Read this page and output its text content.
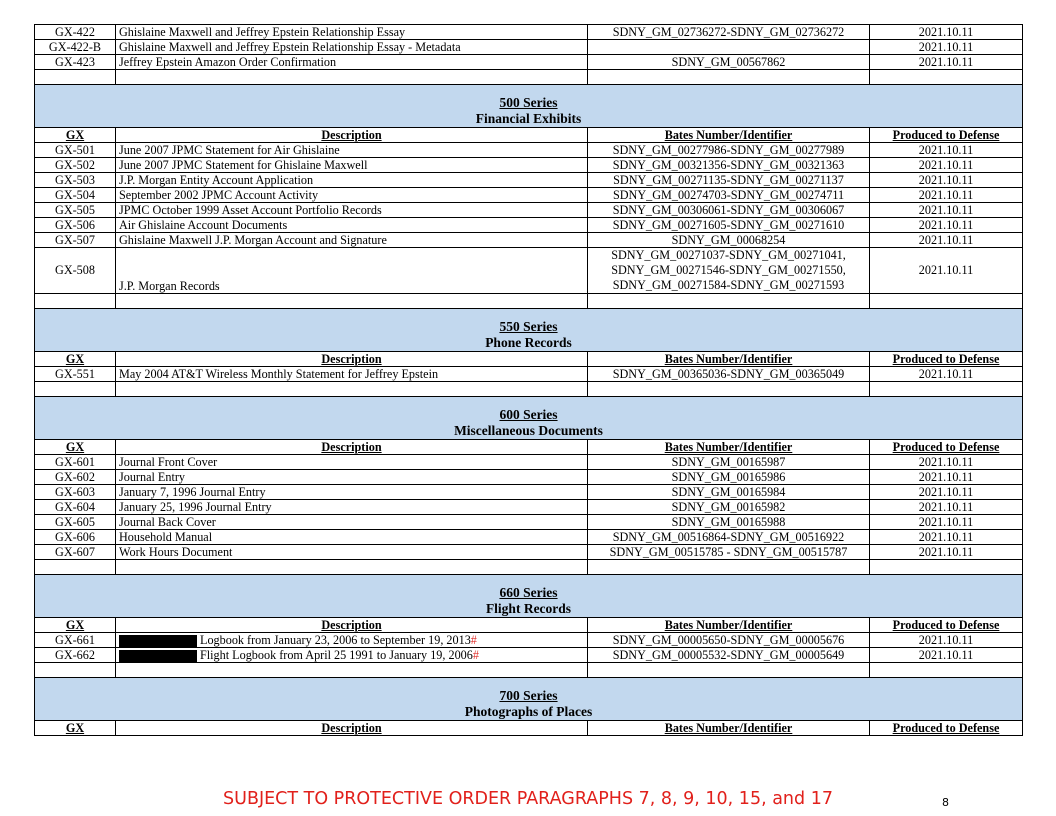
GX-422	Ghislaine Maxwell and Jeffrey Epstein Relationship Essay	SDNY_GM_02736272-SDNY_GM_02736272	2021.10.11
GX-422-B	Ghislaine Maxwell and Jeffrey Epstein Relationship Essay - Metadata		2021.10.11
GX-423	Jeffrey Epstein Amazon Order Confirmation	SDNY_GM_00567862	2021.10.11

500 Series
Financial Exhibits			

GX	Description	Bates Number/Identifier	Produced to Defense
GX-501	June 2007 JPMC Statement for Air Ghislaine	SDNY_GM_00277986-SDNY_GM_00277989	2021.10.11
GX-502	June 2007 JPMC Statement for Ghislaine Maxwell	SDNY_GM_00321356-SDNY_GM_00321363	2021.10.11
GX-503	J.P. Morgan Entity Account Application	SDNY_GM_00271135-SDNY_GM_00271137	2021.10.11
GX-504	September 2002 JPMC Account Activity	SDNY_GM_00274703-SDNY_GM_00274711	2021.10.11
GX-505	JPMC October 1999 Asset Account Portfolio Records	SDNY_GM_00306061-SDNY_GM_00306067	2021.10.11
GX-506	Air Ghislaine Account Documents	SDNY_GM_00271605-SDNY_GM_00271610	2021.10.11
GX-507	Ghislaine Maxwell J.P. Morgan Account and Signature	SDNY_GM_00068254	2021.10.11
GX-508	J.P. Morgan Records	SDNY_GM_00271037-SDNY_GM_00271041,
SDNY_GM_00271546-SDNY_GM_00271550,
SDNY_GM_00271584-SDNY_GM_00271593	2021.10.11

550 Series
Phone Records			

GX	Description	Bates Number/Identifier	Produced to Defense
GX-551	May 2004 AT&T Wireless Monthly Statement for Jeffrey Epstein	SDNY_GM_00365036-SDNY_GM_00365049	2021.10.11

600 Series
Miscellaneous Documents			

GX	Description	Bates Number/Identifier	Produced to Defense
GX-601	Journal Front Cover	SDNY_GM_00165987	2021.10.11
GX-602	Journal Entry	SDNY_GM_00165986	2021.10.11
GX-603	January 7, 1996 Journal Entry	SDNY_GM_00165984	2021.10.11
GX-604	January 25, 1996 Journal Entry	SDNY_GM_00165982	2021.10.11
GX-605	Journal Back Cover	SDNY_GM_00165988	2021.10.11
GX-606	Household Manual	SDNY_GM_00516864-SDNY_GM_00516922	2021.10.11
GX-607	Work Hours Document	SDNY_GM_00515785 - SDNY_GM_00515787	2021.10.11

660 Series
Flight Records			

GX	Description	Bates Number/Identifier	Produced to Defense
GX-661	Logbook from January 23, 2006 to September 19, 2013#	SDNY_GM_00005650-SDNY_GM_00005676	2021.10.11
GX-662	Flight Logbook from April 25 1991 to January 19, 2006#	SDNY_GM_00005532-SDNY_GM_00005649	2021.10.11

700 Series
Photographs of Places			

GX	Description	Bates Number/Identifier	Produced to Defense
SUBJECT TO PROTECTIVE ORDER PARAGRAPHS 7, 8, 9, 10, 15, and 17	8
